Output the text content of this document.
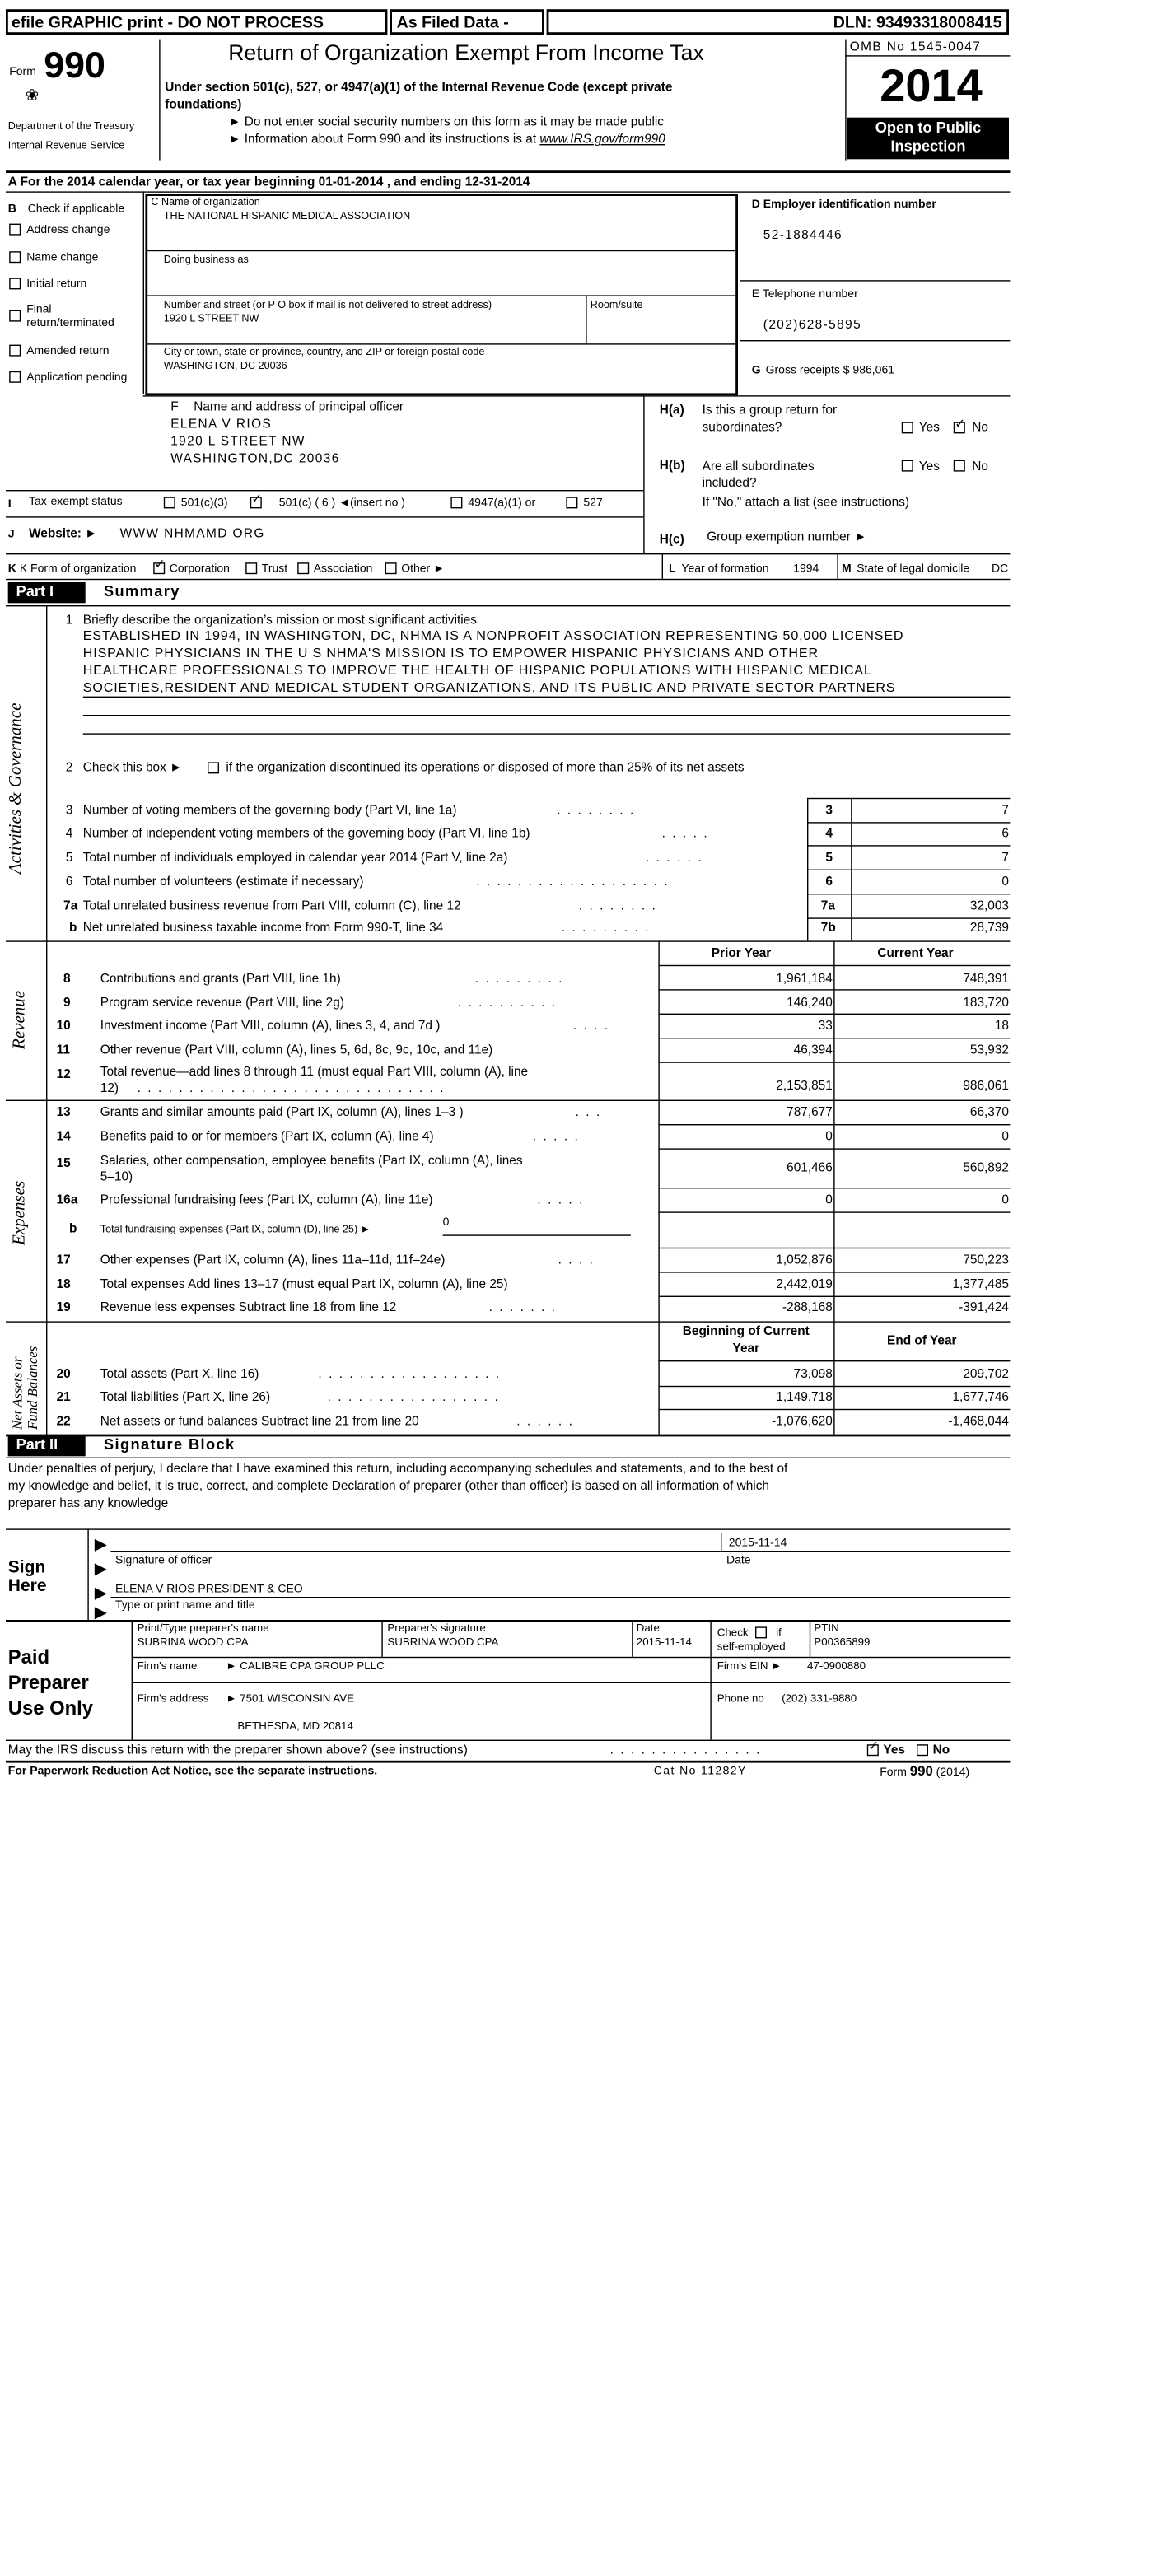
efile GRAPHIC print - DO NOT PROCESS	As Filed Data -	DLN: 93493318008415
Form 990
❀
Department of the Treasury
Internal Revenue Service
Return of Organization Exempt From Income Tax
Under section 501(c), 527, or 4947(a)(1) of the Internal Revenue Code (except private
foundations)
► Do not enter social security numbers on this form as it may be made public
► Information about Form 990 and its instructions is at www.IRS.gov/form990
OMB No 1545-0047
2014
Open to Public
Inspection
A For the 2014 calendar year, or tax year beginning 01-01-2014 , and ending 12-31-2014
B Check if applicable
Address change
Name change
Initial return
Final
return/terminated
Amended return
Application pending
C Name of organization
THE NATIONAL HISPANIC MEDICAL ASSOCIATION
Doing business as
Number and street (or P O box if mail is not delivered to street address)	Room/suite
1920 L STREET NW
City or town, state or province, country, and ZIP or foreign postal code
WASHINGTON, DC 20036
D Employer identification number
52-1884446
E Telephone number
(202)628-5895
G Gross receipts $ 986,061
F Name and address of principal officer
ELENA V RIOS
1920 L STREET NW
WASHINGTON,DC 20036
H(a) Is this a group return for
subordinates?	Yes ✓	No
H(b) Are all subordinates
included?
Yes	No
If "No," attach a list (see instructions)
H(c) Group exemption number ►
I Tax-exempt status	501(c)(3) ✓	501(c) ( 6 ) ◄(insert no )	4947(a)(1) or	527
J Website: ► WWW NHMAMD ORG
K K Form of organization ✓	Corporation	Trust	Association	Other ►	L Year of formation	1994	M State of legal domicile	DC
Part I	Summary
Activities & Governance
1 Briefly describe the organization’s mission or most significant activities
ESTABLISHED IN 1994, IN WASHINGTON, DC, NHMA IS A NONPROFIT ASSOCIATION REPRESENTING 50,000 LICENSED
HISPANIC PHYSICIANS IN THE U S NHMA'S MISSION IS TO EMPOWER HISPANIC PHYSICIANS AND OTHER
HEALTHCARE PROFESSIONALS TO IMPROVE THE HEALTH OF HISPANIC POPULATIONS WITH HISPANIC MEDICAL
SOCIETIES,RESIDENT AND MEDICAL STUDENT ORGANIZATIONS, AND ITS PUBLIC AND PRIVATE SECTOR PARTNERS
2 Check this box ►	if the organization discontinued its operations or disposed of more than 25% of its net assets
3 Number of voting members of the governing body (Part VI, line 1a)	........	3	7
4 Number of independent voting members of the governing body (Part VI, line 1b)	.....	4	6
5 Total number of individuals employed in calendar year 2014 (Part V, line 2a)	......	5	7
6 Total number of volunteers (estimate if necessary)	...................	6	0
7a Total unrelated business revenue from Part VIII, column (C), line 12	........	7a	32,003
b Net unrelated business taxable income from Form 990-T, line 34	.........	7b	28,739
Revenue
Prior Year	Current Year
8	Contributions and grants (Part VIII, line 1h)	.........	1,961,184	748,391
9	Program service revenue (Part VIII, line 2g)	..........	146,240	183,720
10	Investment income (Part VIII, column (A), lines 3, 4, and 7d )	....	33	18
11	Other revenue (Part VIII, column (A), lines 5, 6d, 8c, 9c, 10c, and 11e)	46,394	53,932
12	Total revenue—add lines 8 through 11 (must equal Part VIII, column (A), line
12) ..............................	2,153,851	986,061
Expenses
13	Grants and similar amounts paid (Part IX, column (A), lines 1–3 )	...	787,677	66,370
14	Benefits paid to or for members (Part IX, column (A), line 4)	.....	0	0
15	Salaries, other compensation, employee benefits (Part IX, column (A), lines
5–10)
601,466	560,892
16a Professional fundraising fees (Part IX, column (A), line 11e)	.....	0	0
b	Total fundraising expenses (Part IX, column (D), line 25) ►	0
17	Other expenses (Part IX, column (A), lines 11a–11d, 11f–24e)	....	1,052,876	750,223
18	Total expenses Add lines 13–17 (must equal Part IX, column (A), line 25)	2,442,019	1,377,485
19	Revenue less expenses Subtract line 18 from line 12	.......	-288,168	-391,424
Net Assets or
Fund Balances
Beginning of Current
Year
End of Year
20	Total assets (Part X, line 16)	..................	73,098	209,702
21	Total liabilities (Part X, line 26)	.................	1,149,718	1,677,746
22	Net assets or fund balances Subtract line 21 from line 20	......	-1,076,620	-1,468,044
Part II	Signature Block
Under penalties of perjury, I declare that I have examined this return, including accompanying schedules and statements, and to the best of
my knowledge and belief, it is true, correct, and complete Declaration of preparer (other than officer) is based on all information of which
preparer has any knowledge
Sign
Here
▶
▶
▶
▶
2015-11-14
Signature of officer	Date
ELENA V RIOS PRESIDENT & CEO
Type or print name and title
Paid
Preparer
Use Only
Print/Type preparer's name
SUBRINA WOOD CPA
Preparer's signature
SUBRINA WOOD CPA
Date
2015-11-14
Check	if
self-employed
PTIN
P00365899
Firm's name	► CALIBRE CPA GROUP PLLC	Firm's EIN ►	47-0900880
Firm's address ► 7501 WISCONSIN AVE
BETHESDA, MD 20814
Phone no (202) 331-9880
May the IRS discuss this return with the preparer shown above? (see instructions)	............... ✓	Yes	No
For Paperwork Reduction Act Notice, see the separate instructions.	Cat No 11282Y	Form 990 (2014)
